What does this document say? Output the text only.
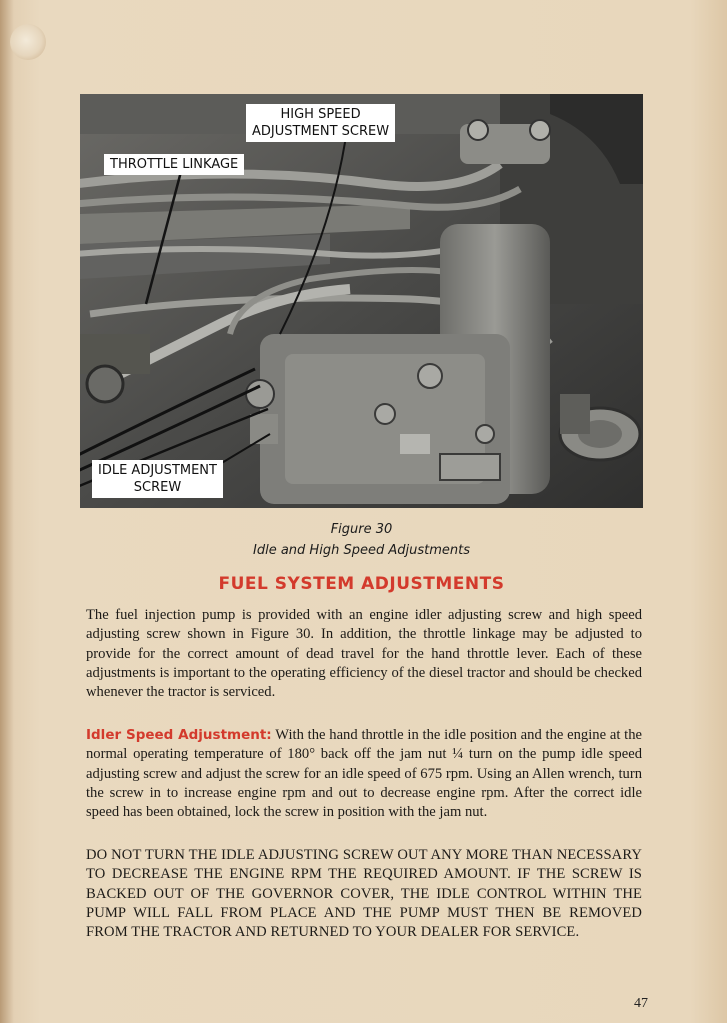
HIGH SPEED
ADJUSTMENT SCREW
THROTTLE LINKAGE
IDLE ADJUSTMENT
SCREW
Figure 30
Idle and High Speed Adjustments
FUEL SYSTEM ADJUSTMENTS

The fuel injection pump is provided with an engine idler adjusting screw and high speed adjusting screw shown in Figure 30. In addition, the throttle linkage may be adjusted to provide for the correct amount of dead travel for the hand throttle lever. Each of these adjustments is important to the operating efficiency of the diesel tractor and should be checked whenever the tractor is serviced.

Idler Speed Adjustment: With the hand throttle in the idle position and the engine at the normal operating temperature of 180° back off the jam nut ¼ turn on the pump idle speed adjusting screw and adjust the screw for an idle speed of 675 rpm. Using an Allen wrench, turn the screw in to increase engine rpm and out to decrease engine rpm. After the correct idle speed has been obtained, lock the screw in position with the jam nut.

DO NOT TURN THE IDLE ADJUSTING SCREW OUT ANY MORE THAN NECESSARY TO DECREASE THE ENGINE RPM THE REQUIRED AMOUNT. IF THE SCREW IS BACKED OUT OF THE GOVERNOR COVER, THE IDLE CONTROL WITHIN THE PUMP WILL FALL FROM PLACE AND THE PUMP MUST THEN BE REMOVED FROM THE TRACTOR AND RETURNED TO YOUR DEALER FOR SERVICE.

47
